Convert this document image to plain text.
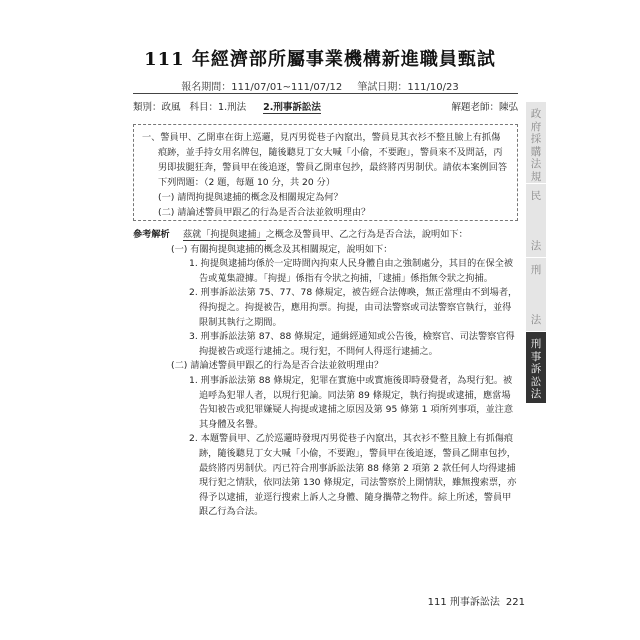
111 年經濟部所屬事業機構新進職員甄試
報名期間：111/07/01~111/07/12 筆試日期：111/10/23
類別：政風 科目：1.刑法 2.刑事訴訟法	解題老師：陳弘

一、警員甲、乙開車在街上巡邏，見丙男從巷子內竄出，警員見其衣衫不整且臉上有抓傷痕跡，並手持女用名牌包，隨後聽見丁女大喊「小偷，不要跑」，警員來不及問話，丙男即拔腿狂奔，警員甲在後追逐，警員乙開車包抄，最終將丙男制伏。請依本案例回答下列問題：（2 題，每題 10 分，共 20 分）

(一) 請問拘提與逮捕的概念及相關規定為何？

(二) 請論述警員甲跟乙的行為是否合法並敘明理由？

參考解析 茲就「拘提與逮捕」之概念及警員甲、乙之行為是否合法，說明如下：

(一) 有關拘提與逮捕的概念及其相關規定，說明如下：

1. 拘提與逮捕均係於一定時間內拘束人民身體自由之強制處分，其目的在保全被告或蒐集證據。「拘提」係指有令狀之拘捕，「逮捕」係指無令狀之拘捕。

2. 刑事訴訟法第 75、77、78 條規定，被告經合法傳喚，無正當理由不到場者，得拘提之。拘提被告，應用拘票。拘提，由司法警察或司法警察官執行，並得限制其執行之期間。

3. 刑事訴訟法第 87、88 條規定，通緝經通知或公告後，檢察官、司法警察官得拘提被告或逕行逮捕之。現行犯，不問何人得逕行逮捕之。

(二) 請論述警員甲跟乙的行為是否合法並敘明理由？

1. 刑事訴訟法第 88 條規定，犯罪在實施中或實施後即時發覺者，為現行犯。被追呼為犯罪人者，以現行犯論。同法第 89 條規定，執行拘提或逮捕，應當場告知被告或犯罪嫌疑人拘提或逮捕之原因及第 95 條第 1 項所列事項，並注意其身體及名譽。

2. 本題警員甲、乙於巡邏時發現丙男從巷子內竄出，其衣衫不整且臉上有抓傷痕跡，隨後聽見丁女大喊「小偷，不要跑」，警員甲在後追逐，警員乙開車包抄，最終將丙男制伏。丙已符合刑事訴訟法第 88 條第 2 項第 2 款任何人均得逮捕現行犯之情狀，依同法第 130 條規定，司法警察於上開情狀，雖無搜索票，亦得予以逮捕，並逕行搜索上訴人之身體、隨身攜帶之物件。綜上所述，警員甲跟乙行為合法。

政府採購法規
民
法
刑
法
刑事訴訟法
111 刑事訴訟法 221
